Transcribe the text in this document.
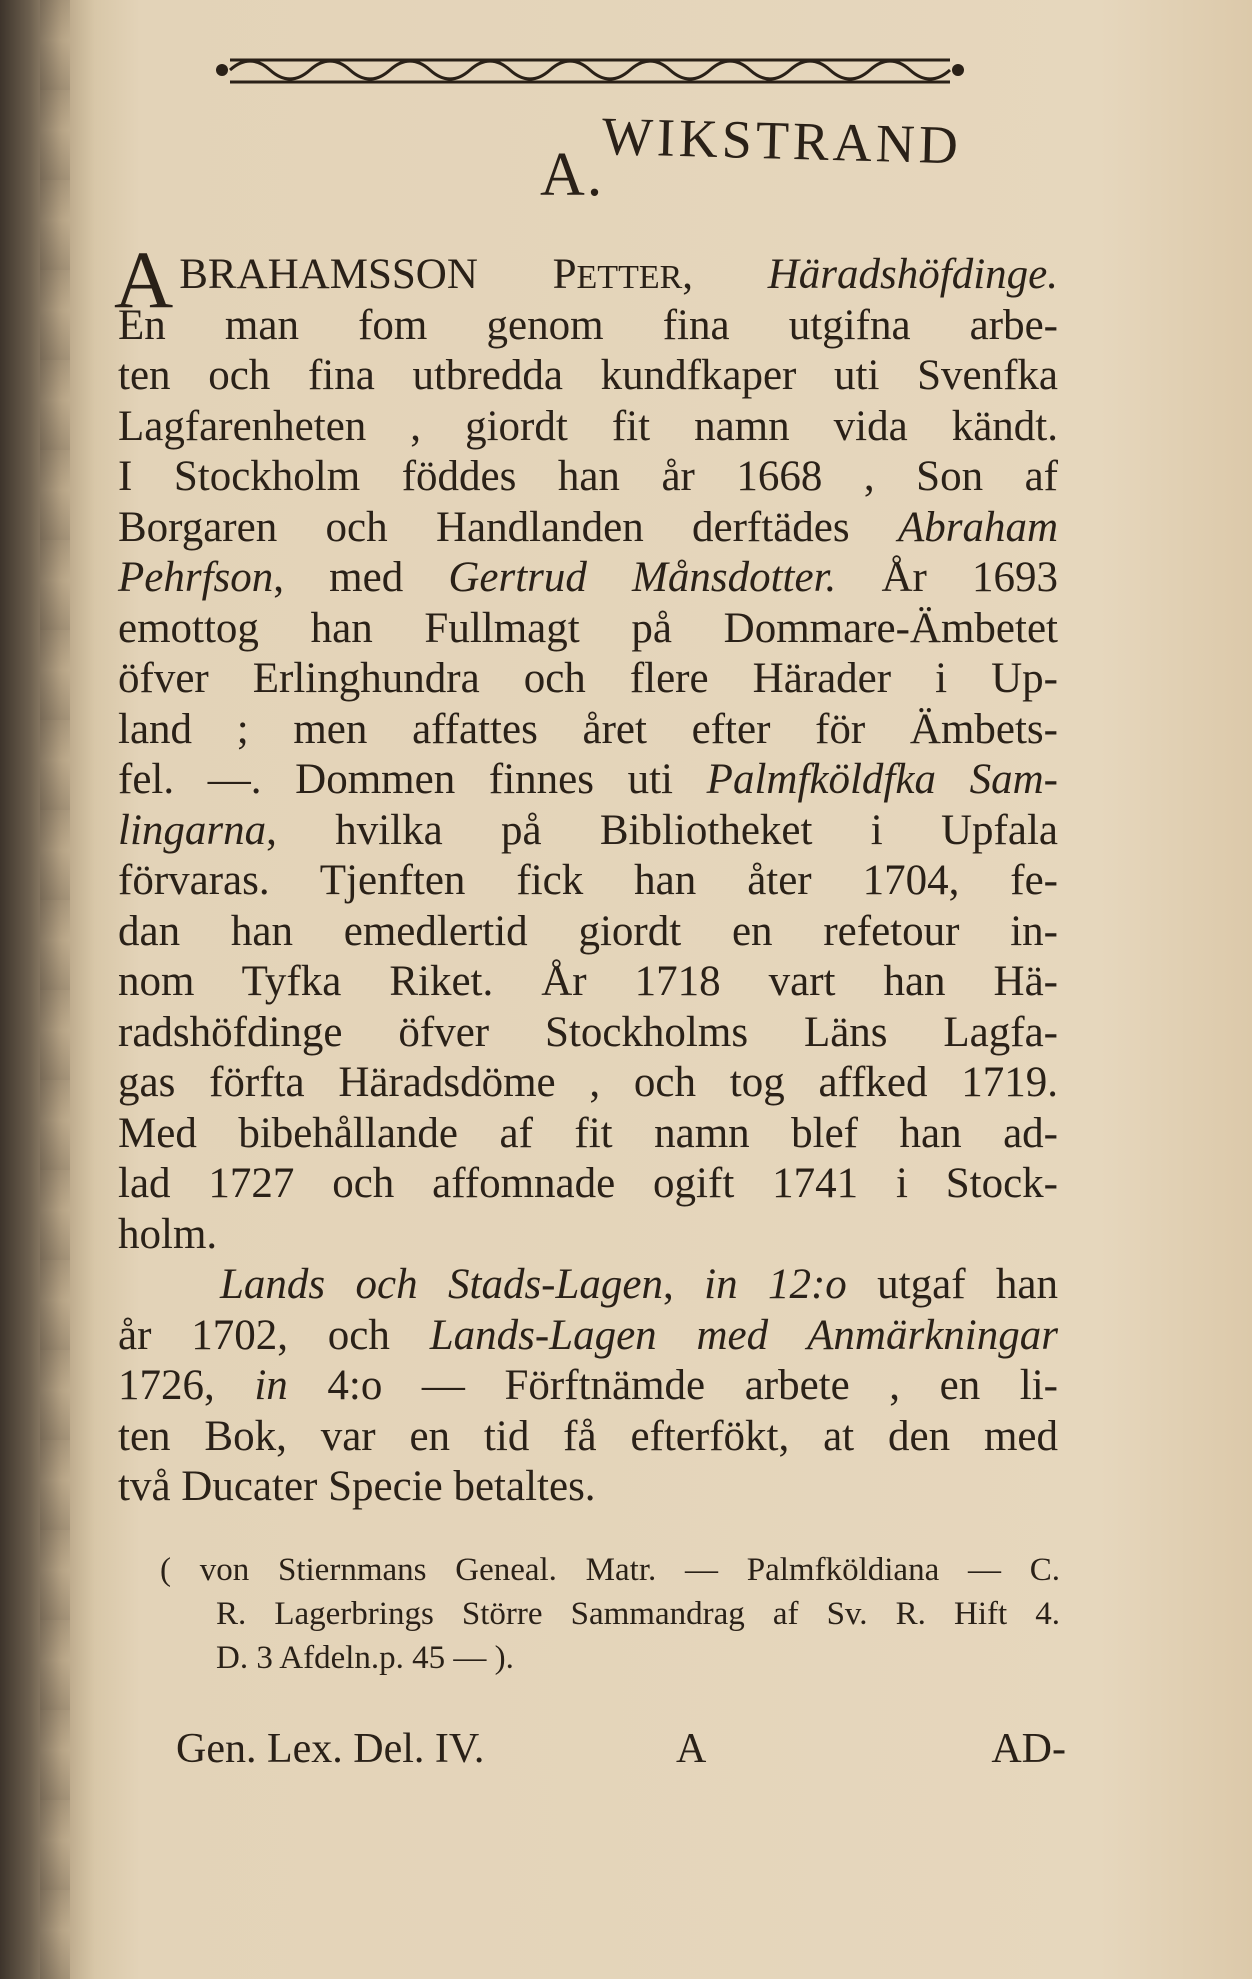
A.
WIKSTRAND
A BRAHAMSSON PETTER, Häradshöfdinge.
En man fom genom fina utgifna arbe-
ten och fina utbredda kundfkaper uti Svenfka
Lagfarenheten , giordt fit namn vida kändt.
I Stockholm föddes han år 1668 , Son af
Borgaren och Handlanden derftädes Abraham
Pehrfson, med Gertrud Månsdotter. År 1693
emottog han Fullmagt på Dommare-Ämbetet
öfver Erlinghundra och flere Härader i Up-
land ; men affattes året efter för Ämbets-
fel. —. Dommen finnes uti Palmfköldfka Sam-
lingarna, hvilka på Bibliotheket i Upfala
förvaras. Tjenften fick han åter 1704, fe-
dan han emedlertid giordt en refetour in-
nom Tyfka Riket. År 1718 vart han Hä-
radshöfdinge öfver Stockholms Läns Lagfa-
gas förfta Häradsdöme , och tog affked 1719.
Med bibehållande af fit namn blef han ad-
lad 1727 och affomnade ogift 1741 i Stock-
holm.
Lands och Stads-Lagen, in 12:o utgaf han
år 1702, och Lands-Lagen med Anmärkningar
1726, in 4:o — Förftnämde arbete , en li-
ten Bok, var en tid få efterfökt, at den med
två Ducater Specie betaltes.
( von Stiernmans Geneal. Matr. — Palmfköldiana — C.
R. Lagerbrings Större Sammandrag af Sv. R. Hift 4.
D. 3 Afdeln.p. 45 — ).
Gen. Lex. Del. IV.	A	AD-
